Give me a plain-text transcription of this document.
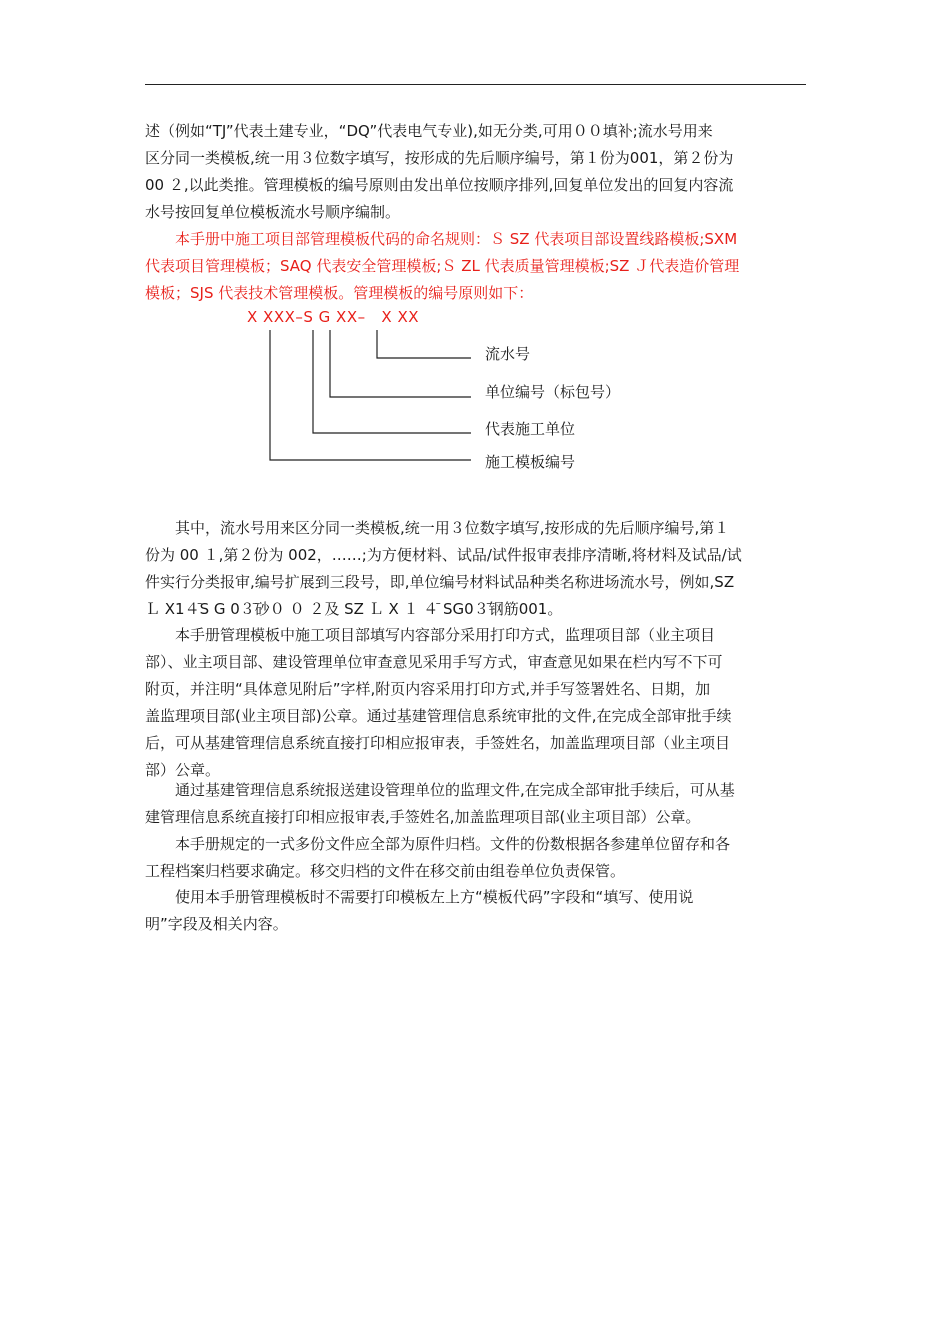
述（例如“TJ”代表土建专业，“DQ”代表电气专业),如无分类,可用００填补;流水号用来
区分同一类模板,统一用３位数字填写，按形成的先后顺序编号，第１份为001，第２份为
00 ２,以此类推。管理模板的编号原则由发出单位按顺序排列,回复单位发出的回复内容流
水号按回复单位模板流水号顺序编制。
　　本手册中施工项目部管理模板代码的命名规则：Ｓ SZ 代表项目部设置线路模板;SXM
代表项目管理模板；SAQ 代表安全管理模板;Ｓ ZL 代表质量管理模板;SZ Ｊ代表造价管理
模板；SJS 代表技术管理模板。管理模板的编号原则如下：
X XXX–S G XX–   X XX
流水号
单位编号（标包号）
代表施工单位
施工模板编号
　　其中，流水号用来区分同一类模板,统一用３位数字填写,按形成的先后顺序编号,第１
份为 00 １,第２份为 002，……;为方便材料、试品/试件报审表排序清晰,将材料及试品/试
件实行分类报审,编号扩展到三段号，即,单位编号材料试品种类名称进场流水号，例如,SZ
Ｌ X1４̄S G 0３̄砂０ ０ ２及 SZ Ｌ X １ ４̄ SG0３̄钢筋001。
　　本手册管理模板中施工项目部填写内容部分采用打印方式，监理项目部（业主项目
部）、业主项目部、建设管理单位审查意见采用手写方式，审查意见如果在栏内写不下可
附页，并注明“具体意见附后”字样,附页内容采用打印方式,并手写签署姓名、日期，加
盖监理项目部(业主项目部)公章。通过基建管理信息系统审批的文件,在完成全部审批手续
后，可从基建管理信息系统直接打印相应报审表，手签姓名，加盖监理项目部（业主项目
部）公章。
　　通过基建管理信息系统报送建设管理单位的监理文件,在完成全部审批手续后，可从基
建管理信息系统直接打印相应报审表,手签姓名,加盖监理项目部(业主项目部）公章。
　　本手册规定的一式多份文件应全部为原件归档。文件的份数根据各参建单位留存和各
工程档案归档要求确定。移交归档的文件在移交前由组卷单位负责保管。
　　使用本手册管理模板时不需要打印模板左上方“模板代码”字段和“填写、使用说
明”字段及相关内容。
